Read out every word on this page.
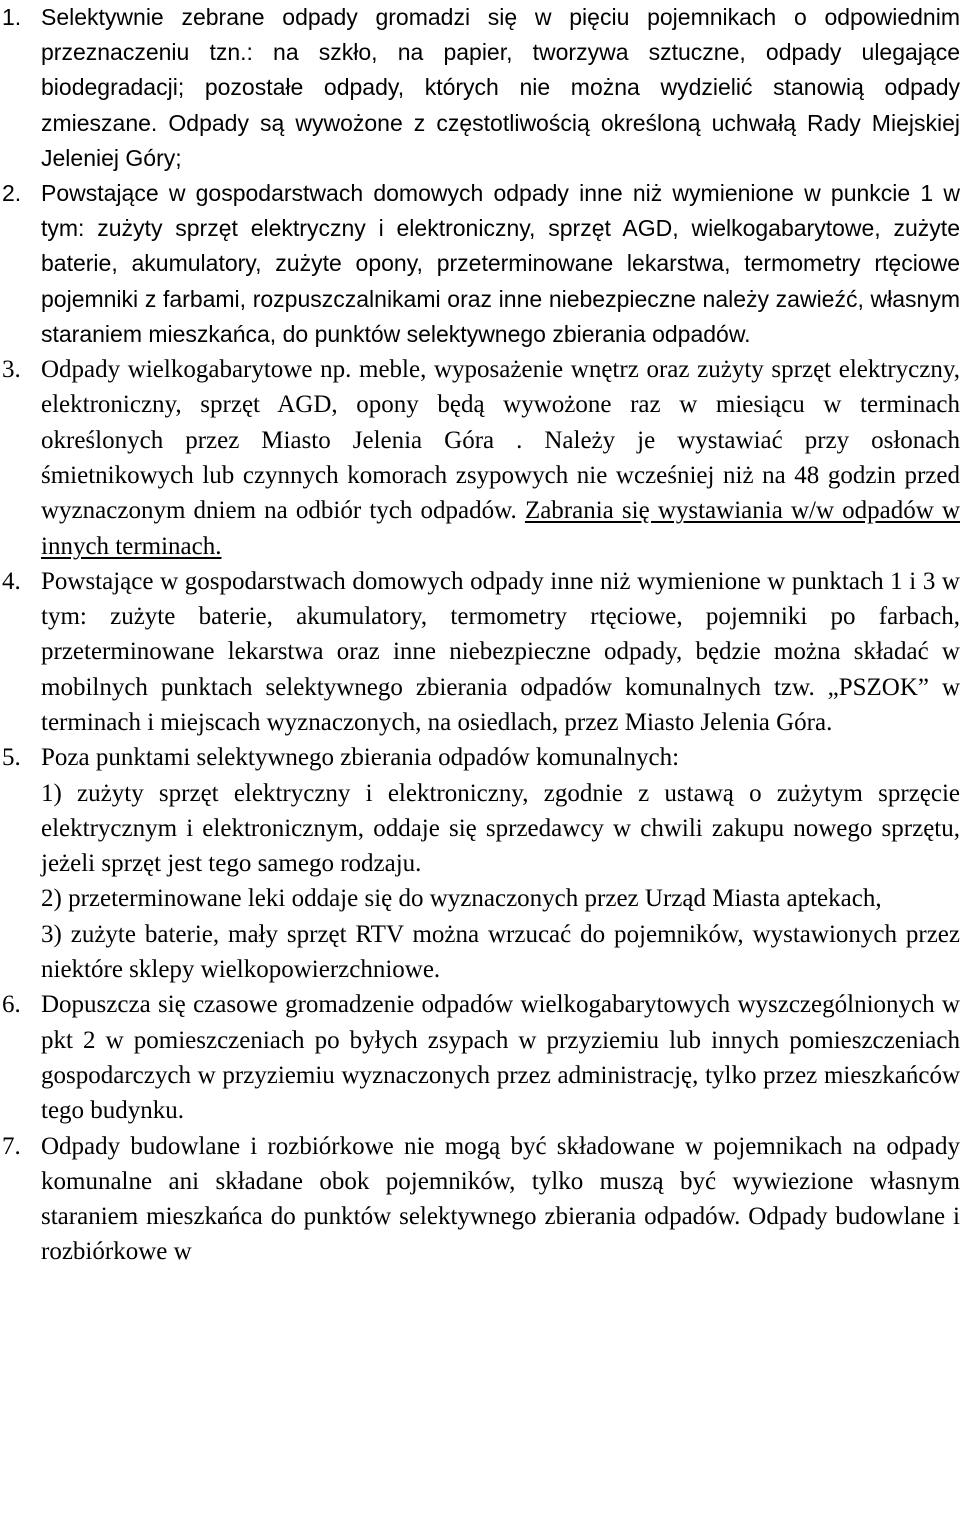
1. Selektywnie zebrane odpady gromadzi się w pięciu pojemnikach o odpowiednim przeznaczeniu tzn.: na szkło, na papier, tworzywa sztuczne, odpady ulegające biodegradacji; pozostałe odpady, których nie można wydzielić stanowią odpady zmieszane. Odpady są wywożone z częstotliwością określoną uchwałą Rady Miejskiej Jeleniej Góry;
2. Powstające w gospodarstwach domowych odpady inne niż wymienione w punkcie 1 w tym: zużyty sprzęt elektryczny i elektroniczny, sprzęt AGD, wielkogabarytowe, zużyte baterie, akumulatory, zużyte opony, przeterminowane lekarstwa, termometry rtęciowe pojemniki z farbami, rozpuszczalnikami oraz inne niebezpieczne należy zawieźć, własnym staraniem mieszkańca, do punktów selektywnego zbierania odpadów.
3. Odpady wielkogabarytowe np. meble, wyposażenie wnętrz oraz zużyty sprzęt elektryczny, elektroniczny, sprzęt AGD, opony będą wywożone raz w miesiącu w terminach określonych przez Miasto Jelenia Góra . Należy je wystawiać przy osłonach śmietnikowych lub czynnych komorach zsypowych nie wcześniej niż na 48 godzin przed wyznaczonym dniem na odbiór tych odpadów. Zabrania się wystawiania w/w odpadów w innych terminach.
4. Powstające w gospodarstwach domowych odpady inne niż wymienione w punktach 1 i 3 w tym: zużyte baterie, akumulatory, termometry rtęciowe, pojemniki po farbach, przeterminowane lekarstwa oraz inne niebezpieczne odpady, będzie można składać w mobilnych punktach selektywnego zbierania odpadów komunalnych tzw. „PSZOK” w terminach i miejscach wyznaczonych, na osiedlach, przez Miasto Jelenia Góra.
5. Poza punktami selektywnego zbierania odpadów komunalnych:
1) zużyty sprzęt elektryczny i elektroniczny, zgodnie z ustawą o zużytym sprzęcie elektrycznym i elektronicznym, oddaje się sprzedawcy w chwili zakupu nowego sprzętu, jeżeli sprzęt jest tego samego rodzaju.
2) przeterminowane leki oddaje się do wyznaczonych przez Urząd Miasta aptekach,
3) zużyte baterie, mały sprzęt RTV można wrzucać do pojemników, wystawionych przez niektóre sklepy wielkopowierzchniowe.
6. Dopuszcza się czasowe gromadzenie odpadów wielkogabarytowych wyszczególnionych w pkt 2 w pomieszczeniach po byłych zsypach w przyziemiu lub innych pomieszczeniach gospodarczych w przyziemiu wyznaczonych przez administrację, tylko przez mieszkańców tego budynku.
7. Odpady budowlane i rozbiórkowe nie mogą być składowane w pojemnikach na odpady komunalne ani składane obok pojemników, tylko muszą być wywiezione własnym staraniem mieszkańca do punktów selektywnego zbierania odpadów. Odpady budowlane i rozbiórkowe w
